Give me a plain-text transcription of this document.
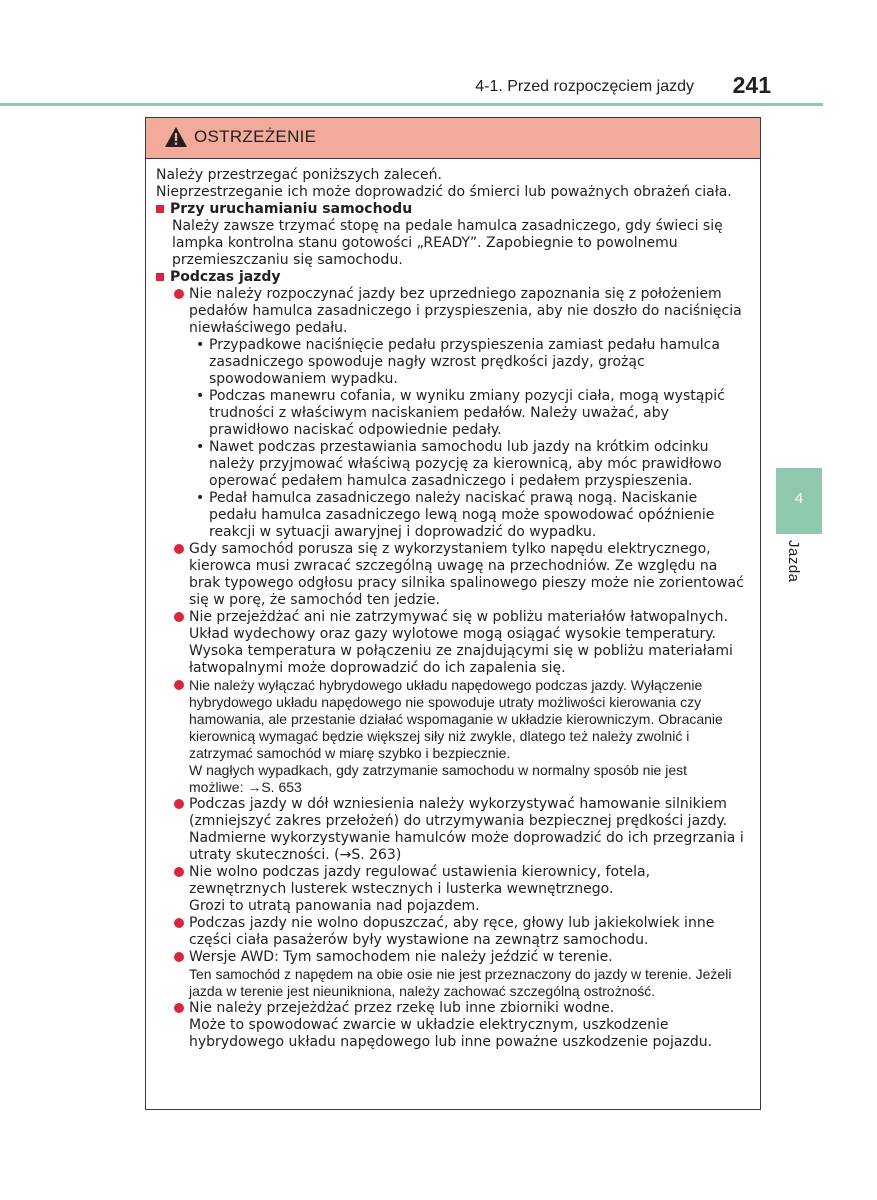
4-1. Przed rozpoczęciem jazdy 241
4
Jazda
OSTRZEŻENIE

Należy przestrzegać poniższych zaleceń.

Nieprzestrzeganie ich może doprowadzić do śmierci lub poważnych obrażeń ciała.

Przy uruchamianiu samochodu

Należy zawsze trzymać stopę na pedale hamulca zasadniczego, gdy świeci się lampka kontrolna stanu gotowości „READY”. Zapobiegnie to powolnemu przemieszczaniu się samochodu.

Podczas jazdy

Nie należy rozpoczynać jazdy bez uprzedniego zapoznania się z położeniem pedałów hamulca zasadniczego i przyspieszenia, aby nie doszło do naciśnięcia niewłaściwego pedału.

• Przypadkowe naciśnięcie pedału przyspieszenia zamiast pedału hamulca zasadniczego spowoduje nagły wzrost prędkości jazdy, grożąc spowodowaniem wypadku.
• Podczas manewru cofania, w wyniku zmiany pozycji ciała, mogą wystąpić trudności z właściwym naciskaniem pedałów. Należy uważać, aby prawidłowo naciskać odpowiednie pedały.
• Nawet podczas przestawiania samochodu lub jazdy na krótkim odcinku należy przyjmować właściwą pozycję za kierownicą, aby móc prawidłowo operować pedałem hamulca zasadniczego i pedałem przyspieszenia.
• Pedał hamulca zasadniczego należy naciskać prawą nogą. Naciskanie pedału hamulca zasadniczego lewą nogą może spowodować opóźnienie reakcji w sytuacji awaryjnej i doprowadzić do wypadku.

Gdy samochód porusza się z wykorzystaniem tylko napędu elektrycznego, kierowca musi zwracać szczególną uwagę na przechodniów. Ze względu na brak typowego odgłosu pracy silnika spalinowego pieszy może nie zorientować się w porę, że samochód ten jedzie.

Nie przejeżdżać ani nie zatrzymywać się w pobliżu materiałów łatwopalnych.

Układ wydechowy oraz gazy wylotowe mogą osiągać wysokie temperatury. Wysoka temperatura w połączeniu ze znajdującymi się w pobliżu materiałami łatwopalnymi może doprowadzić do ich zapalenia się.

Nie należy wyłączać hybrydowego układu napędowego podczas jazdy. Wyłączenie hybrydowego układu napędowego nie spowoduje utraty możliwości kierowania czy hamowania, ale przestanie działać wspomaganie w układzie kierowniczym. Obracanie kierownicą wymagać będzie większej siły niż zwykle, dlatego też należy zwolnić i zatrzymać samochód w miarę szybko i bezpiecznie.

W nagłych wypadkach, gdy zatrzymanie samochodu w normalny sposób nie jest możliwe: →S. 653

Podczas jazdy w dół wzniesienia należy wykorzystywać hamowanie silnikiem (zmniejszyć zakres przełożeń) do utrzymywania bezpiecznej prędkości jazdy.

Nadmierne wykorzystywanie hamulców może doprowadzić do ich przegrzania i utraty skuteczności. (→S. 263)

Nie wolno podczas jazdy regulować ustawienia kierownicy, fotela, zewnętrznych lusterek wstecznych i lusterka wewnętrznego.

Grozi to utratą panowania nad pojazdem.

Podczas jazdy nie wolno dopuszczać, aby ręce, głowy lub jakiekolwiek inne części ciała pasażerów były wystawione na zewnątrz samochodu.

Wersje AWD: Tym samochodem nie należy jeździć w terenie.

Ten samochód z napędem na obie osie nie jest przeznaczony do jazdy w terenie. Jeżeli jazda w terenie jest nieunikniona, należy zachować szczególną ostrożność.

Nie należy przejeżdżać przez rzekę lub inne zbiorniki wodne.

Może to spowodować zwarcie w układzie elektrycznym, uszkodzenie hybrydowego układu napędowego lub inne poważne uszkodzenie pojazdu.
